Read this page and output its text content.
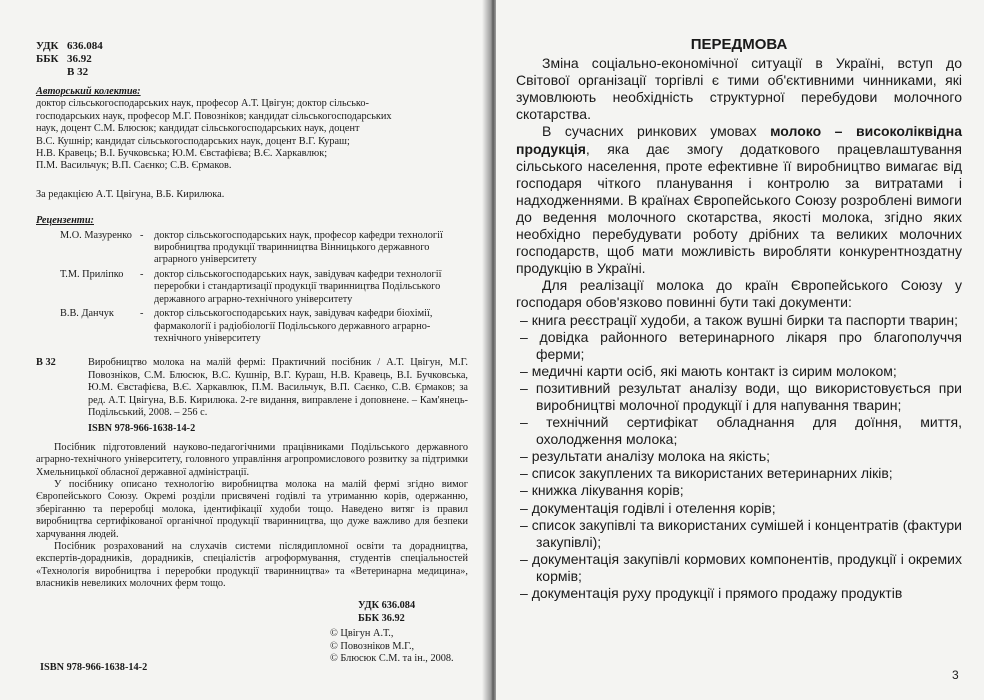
УДК 636.084
ББК 36.92
В 32
Авторський колектив:
доктор сільськогосподарських наук, професор А.Т. Цвігун; доктор сільсько-
господарських наук, професор М.Г. Повозніков; кандидат сільськогосподарських
наук, доцент С.М. Блюсюк; кандидат сільськогосподарських наук, доцент
В.С. Кушнір; кандидат сільськогосподарських наук, доцент В.Г. Кураш;
Н.В. Кравець; В.І. Бучковська; Ю.М. Євстафієва; В.Є. Харкавлюк;
П.М. Васильчук; В.П. Саєнко; С.В. Єрмаков.
За редакцією А.Т. Цвігуна, В.Б. Кирилюка.
Рецензенти:
М.О. Мазуренко -	доктор сільськогосподарських наук, професор кафедри технології виробництва продукції тваринництва Вінницького державного аграрного університету
Т.М. Приліпко	-	доктор сільськогосподарських наук, завідувач кафедри технології переробки і стандартизації продукції тваринництва Подільського державного аграрно-технічного університету
В.В. Данчук	-	доктор сільськогосподарських наук, завідувач кафедри біохімії, фармакології і радіобіології Подільського державного аграрно-технічного університету
В 32	Виробництво молока на малій фермі: Практичний посібник / А.Т. Цвігун, М.Г. Повозніков, С.М. Блюсюк, В.С. Кушнір, В.Г. Кураш, Н.В. Кравець, В.І. Бучковська, Ю.М. Євстафієва, В.Є. Харкавлюк, П.М. Васильчук, В.П. Саєнко, С.В. Єрмаков; за ред. А.Т. Цвігуна, В.Б. Кирилюка. 2-ге видання, виправлене і доповнене. – Кам'янець-Подільський, 2008. – 256 с.
ISBN 978-966-1638-14-2

Посібник підготовлений науково-педагогічними працівниками Подільського державного аграрно-технічного університету, головного управління агропромислового розвитку за підтримки Хмельницької обласної державної адміністрації.

У посібнику описано технологію виробництва молока на малій фермі згідно вимог Європейського Союзу. Окремі розділи присвячені годівлі та утриманню корів, одержанню, зберіганню та переробці молока, ідентифікації худоби тощо. Наведено витяг із правил виробництва сертифікованої органічної продукції тваринництва, що дуже важливо для безпеки харчування людей.

Посібник розрахований на слухачів системи післядипломної освіти та дорадництва, експертів-дорадників, дорадників, спеціалістів агроформування, студентів спеціальностей «Технологія виробництва і переробки продукції тваринництва» та «Ветеринарна медицина», власників невеликих молочних ферм тощо.

УДК 636.084
ББК 36.92
© Цвігун А.Т.,
© Повозніков М.Г.,
© Блюсюк С.М. та ін., 2008.
ISBN 978-966-1638-14-2
ПЕРЕДМОВА

Зміна соціально-економічної ситуації в Україні, вступ до Світової організації торгівлі є тими об'єктивними чинниками, які зумовлюють необхідність структурної перебудови молочного скотарства.

В сучасних ринкових умовах молоко – високоліквідна продукція, яка дає змогу додаткового працевлаштування сільського населення, проте ефективне її виробництво вимагає від господаря чіткого планування і контролю за витратами і надходженнями. В країнах Європейського Союзу розроблені вимоги до ведення молочного скотарства, якості молока, згідно яких необхідно перебудувати роботу дрібних та великих молочних господарств, щоб мати можливість виробляти конкурентноздатну продукцію в Україні.

Для реалізації молока до країн Європейського Союзу у господаря обов'язково повинні бути такі документи:

– книга реєстрації худоби, а також вушні бирки та паспорти тварин;
– довідка районного ветеринарного лікаря про благополуччя ферми;
– медичні карти осіб, які мають контакт із сирим молоком;
– позитивний результат аналізу води, що використовується при виробництві молочної продукції і для напування тварин;
– технічний сертифікат обладнання для доїння, миття, охолодження молока;
– результати аналізу молока на якість;
– список закуплених та використаних ветеринарних ліків;
– книжка лікування корів;
– документація годівлі і отелення корів;
– список закупівлі та використаних сумішей і концентратів (фактури закупівлі);
– документація закупівлі кормових компонентів, продукції і окремих кормів;
– документація руху продукції і прямого продажу продуктів
3
